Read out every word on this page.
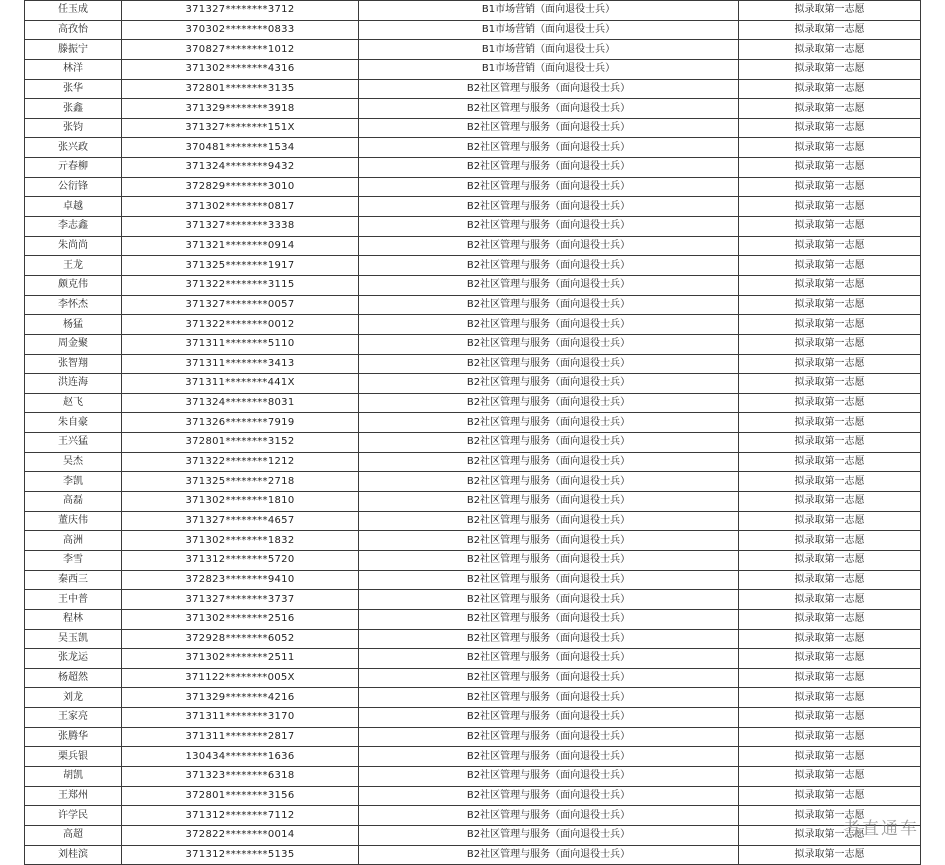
任玉成	371327********3712	B1市场营销（面向退役士兵）	拟录取第一志愿
高孜怡	370302********0833	B1市场营销（面向退役士兵）	拟录取第一志愿
滕振宁	370827********1012	B1市场营销（面向退役士兵）	拟录取第一志愿
林洋	371302********4316	B1市场营销（面向退役士兵）	拟录取第一志愿
张华	372801********3135	B2社区管理与服务（面向退役士兵）	拟录取第一志愿
张鑫	371329********3918	B2社区管理与服务（面向退役士兵）	拟录取第一志愿
张钧	371327********151X	B2社区管理与服务（面向退役士兵）	拟录取第一志愿
张兴政	370481********1534	B2社区管理与服务（面向退役士兵）	拟录取第一志愿
亓春柳	371324********9432	B2社区管理与服务（面向退役士兵）	拟录取第一志愿
公衍锋	372829********3010	B2社区管理与服务（面向退役士兵）	拟录取第一志愿
卓越	371302********0817	B2社区管理与服务（面向退役士兵）	拟录取第一志愿
李志鑫	371327********3338	B2社区管理与服务（面向退役士兵）	拟录取第一志愿
朱尚尚	371321********0914	B2社区管理与服务（面向退役士兵）	拟录取第一志愿
王龙	371325********1917	B2社区管理与服务（面向退役士兵）	拟录取第一志愿
颇克伟	371322********3115	B2社区管理与服务（面向退役士兵）	拟录取第一志愿
李怀杰	371327********0057	B2社区管理与服务（面向退役士兵）	拟录取第一志愿
杨猛	371322********0012	B2社区管理与服务（面向退役士兵）	拟录取第一志愿
周金聚	371311********5110	B2社区管理与服务（面向退役士兵）	拟录取第一志愿
张智翔	371311********3413	B2社区管理与服务（面向退役士兵）	拟录取第一志愿
洪连海	371311********441X	B2社区管理与服务（面向退役士兵）	拟录取第一志愿
赵飞	371324********8031	B2社区管理与服务（面向退役士兵）	拟录取第一志愿
朱自豪	371326********7919	B2社区管理与服务（面向退役士兵）	拟录取第一志愿
王兴猛	372801********3152	B2社区管理与服务（面向退役士兵）	拟录取第一志愿
吴杰	371322********1212	B2社区管理与服务（面向退役士兵）	拟录取第一志愿
李凯	371325********2718	B2社区管理与服务（面向退役士兵）	拟录取第一志愿
高磊	371302********1810	B2社区管理与服务（面向退役士兵）	拟录取第一志愿
董庆伟	371327********4657	B2社区管理与服务（面向退役士兵）	拟录取第一志愿
高洲	371302********1832	B2社区管理与服务（面向退役士兵）	拟录取第一志愿
李雪	371312********5720	B2社区管理与服务（面向退役士兵）	拟录取第一志愿
秦西三	372823********9410	B2社区管理与服务（面向退役士兵）	拟录取第一志愿
王中普	371327********3737	B2社区管理与服务（面向退役士兵）	拟录取第一志愿
程林	371302********2516	B2社区管理与服务（面向退役士兵）	拟录取第一志愿
吴玉凯	372928********6052	B2社区管理与服务（面向退役士兵）	拟录取第一志愿
张龙运	371302********2511	B2社区管理与服务（面向退役士兵）	拟录取第一志愿
杨超然	371122********005X	B2社区管理与服务（面向退役士兵）	拟录取第一志愿
刘龙	371329********4216	B2社区管理与服务（面向退役士兵）	拟录取第一志愿
王家亮	371311********3170	B2社区管理与服务（面向退役士兵）	拟录取第一志愿
张腾华	371311********2817	B2社区管理与服务（面向退役士兵）	拟录取第一志愿
栗兵银	130434********1636	B2社区管理与服务（面向退役士兵）	拟录取第一志愿
胡凯	371323********6318	B2社区管理与服务（面向退役士兵）	拟录取第一志愿
王郑州	372801********3156	B2社区管理与服务（面向退役士兵）	拟录取第一志愿
许学民	371312********7112	B2社区管理与服务（面向退役士兵）	拟录取第一志愿
高超	372822********0014	B2社区管理与服务（面向退役士兵）	拟录取第一志愿
刘桂滨	371312********5135	B2社区管理与服务（面向退役士兵）	拟录取第一志愿
考直通车
